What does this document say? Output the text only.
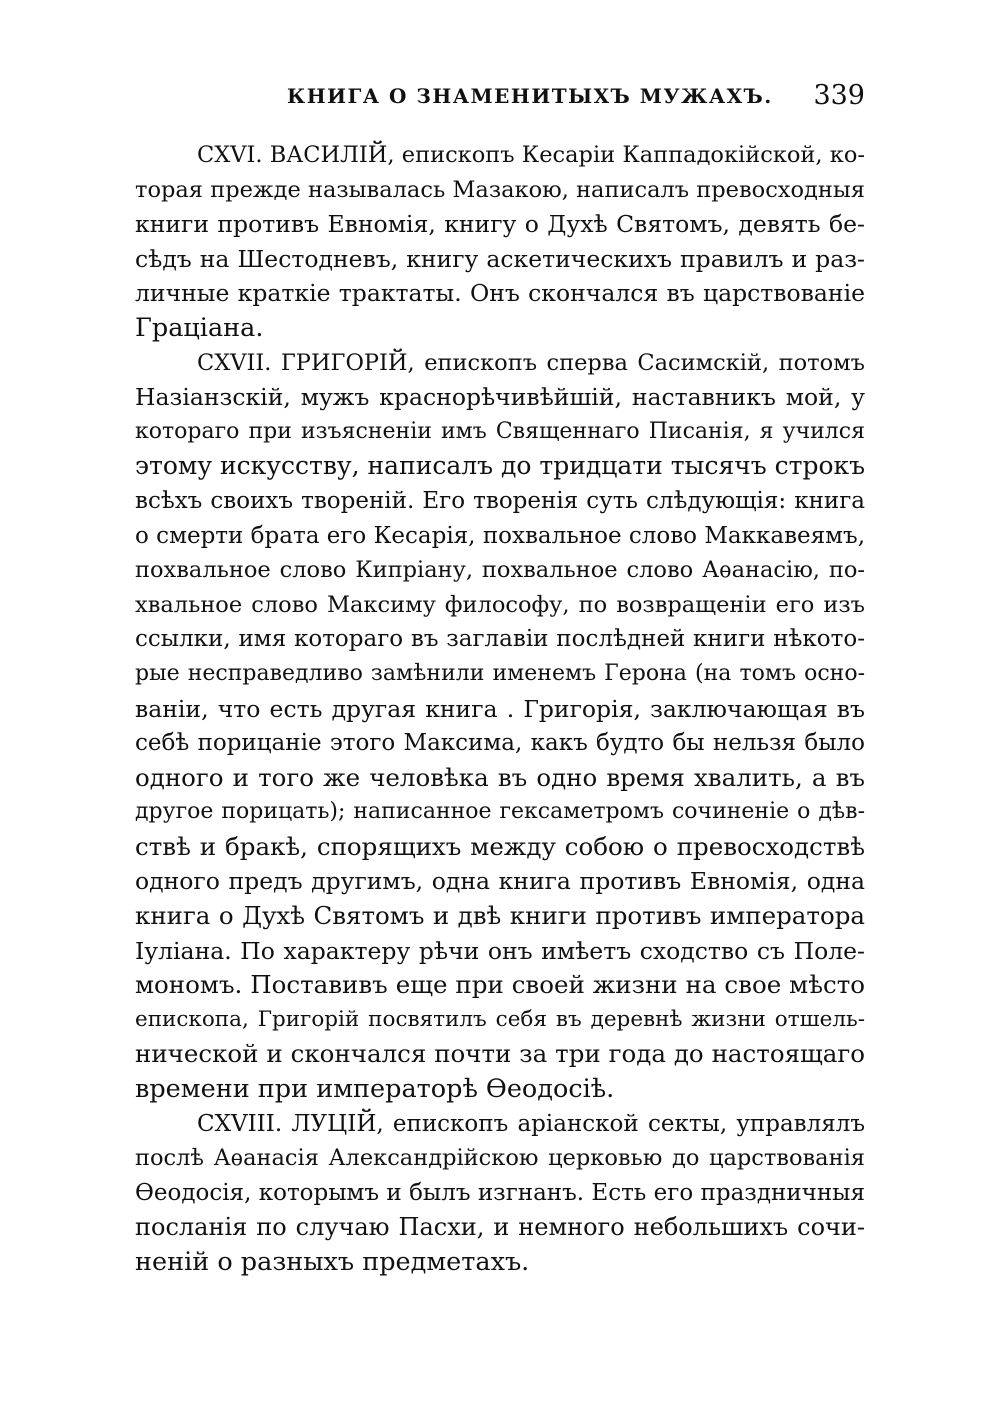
КНИГА О ЗНАМЕНИТЫХЪ МУЖАХЪ. 339
CXVI. ВАСИЛІЙ, епископъ Кесаріи Каппадокійской, ко-
торая прежде называлась Мазакою, написалъ превосходныя
книги противъ Евномія, книгу о Духѣ Святомъ, девять бе-
сѣдъ на Шестодневъ, книгу аскетическихъ правилъ и раз-
личные краткіе трактаты. Онъ скончался въ царствованіе
Граціана.
CXVII. ГРИГОРІЙ, епископъ сперва Сасимскій, потомъ
Назіанзскій, мужъ краснорѣчивѣйшій, наставникъ мой, у
котораго при изъясненіи имъ Священнаго Писанія, я учился
этому искусству, написалъ до тридцати тысячъ строкъ
всѣхъ своихъ твореній. Его творенія суть слѣдующія: книга
о смерти брата его Кесарія, похвальное слово Маккавеямъ,
похвальное слово Кипріану, похвальное слово Аѳанасію, по-
хвальное слово Максиму философу, по возвращеніи его изъ
ссылки, имя котораго въ заглавіи послѣдней книги нѣкото-
рые несправедливо замѣнили именемъ Герона (на томъ осно-
ваніи, что есть другая книга . Григорія, заключающая въ
себѣ порицаніе этого Максима, какъ будто бы нельзя было
одного и того же человѣка въ одно время хвалить, а въ
другое порицать); написанное гексаметромъ сочиненіе о дѣв-
ствѣ и бракѣ, спорящихъ между собою о превосходствѣ
одного предъ другимъ, одна книга противъ Евномія, одна
книга о Духѣ Святомъ и двѣ книги противъ императора
Іуліана. По характеру рѣчи онъ имѣетъ сходство съ Поле-
мономъ. Поставивъ еще при своей жизни на свое мѣсто
епископа, Григорій посвятилъ себя въ деревнѣ жизни отшель-
нической и скончался почти за три года до настоящаго
времени при императорѣ Ѳеодосіѣ.
CXVIII. ЛУЦІЙ, епископъ аріанской секты, управлялъ
послѣ Аѳанасія Александрійскою церковью до царствованія
Ѳеодосія, которымъ и былъ изгнанъ. Есть его праздничныя
посланія по случаю Пасхи, и немного небольшихъ сочи-
неній о разныхъ предметахъ.
